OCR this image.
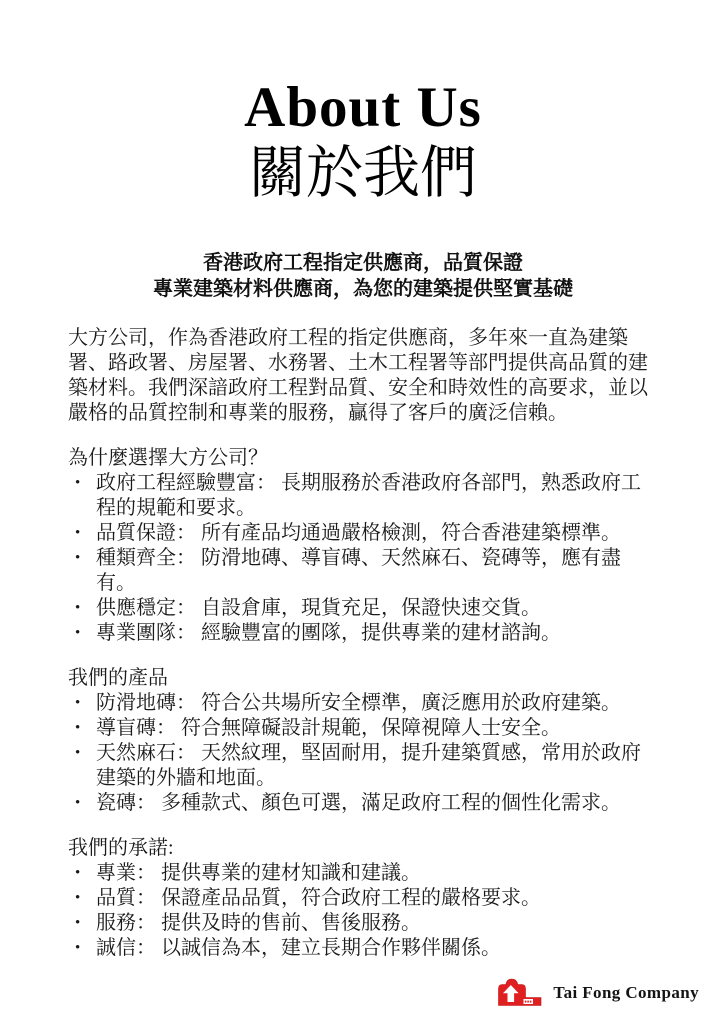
About Us
關於我們
香港政府工程指定供應商，品質保證
專業建築材料供應商，為您的建築提供堅實基礎

大方公司，作為香港政府工程的指定供應商，多年來一直為建築署、路政署、房屋署、水務署、土木工程署等部門提供高品質的建築材料。我們深諳政府工程對品質、安全和時效性的高要求，並以嚴格的品質控制和專業的服務，贏得了客戶的廣泛信賴。

為什麼選擇大方公司？
• 政府工程經驗豐富： 長期服務於香港政府各部門，熟悉政府工程的規範和要求。
• 品質保證： 所有產品均通過嚴格檢測，符合香港建築標準。
• 種類齊全： 防滑地磚、導盲磚、天然麻石、瓷磚等，應有盡有。
• 供應穩定： 自設倉庫，現貨充足，保證快速交貨。
• 專業團隊： 經驗豐富的團隊，提供專業的建材諮詢。
我們的產品
• 防滑地磚： 符合公共場所安全標準，廣泛應用於政府建築。
• 導盲磚： 符合無障礙設計規範，保障視障人士安全。
• 天然麻石： 天然紋理，堅固耐用，提升建築質感，常用於政府建築的外牆和地面。
• 瓷磚： 多種款式、顏色可選，滿足政府工程的個性化需求。
我們的承諾:
• 專業： 提供專業的建材知識和建議。
• 品質： 保證產品品質，符合政府工程的嚴格要求。
• 服務： 提供及時的售前、售後服務。
• 誠信： 以誠信為本，建立長期合作夥伴關係。
Tai Fong Company
